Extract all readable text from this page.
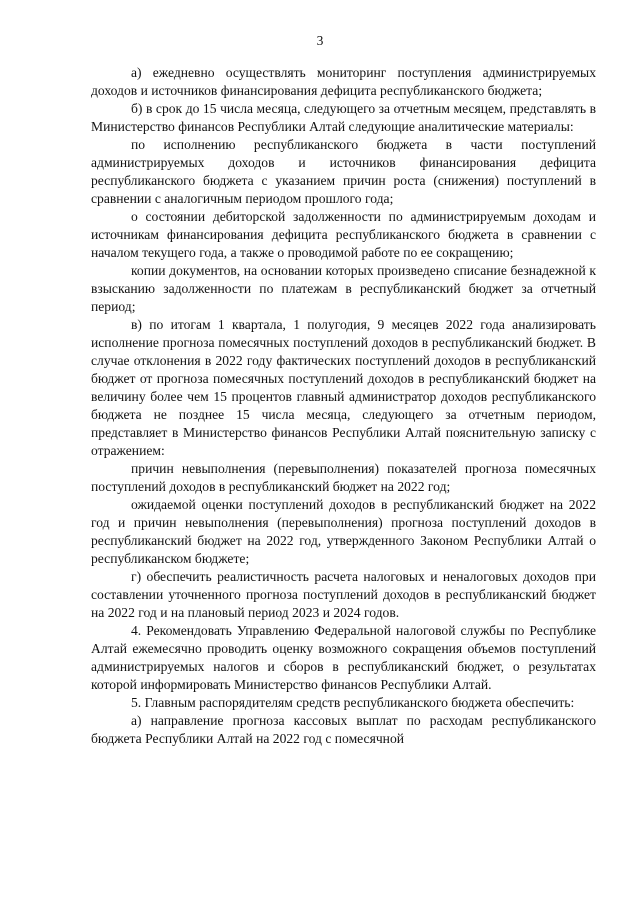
3

а) ежедневно осуществлять мониторинг поступления администрируемых доходов и источников финансирования дефицита республиканского бюджета;

б) в срок до 15 числа месяца, следующего за отчетным месяцем, представлять в Министерство финансов Республики Алтай следующие аналитические материалы:

по исполнению республиканского бюджета в части поступлений администрируемых доходов и источников финансирования дефицита республиканского бюджета с указанием причин роста (снижения) поступлений в сравнении с аналогичным периодом прошлого года;

о состоянии дебиторской задолженности по администрируемым доходам и источникам финансирования дефицита республиканского бюджета в сравнении с началом текущего года, а также о проводимой работе по ее сокращению;

копии документов, на основании которых произведено списание безнадежной к взысканию задолженности по платежам в республиканский бюджет за отчетный период;

в) по итогам 1 квартала, 1 полугодия, 9 месяцев 2022 года анализировать исполнение прогноза помесячных поступлений доходов в республиканский бюджет. В случае отклонения в 2022 году фактических поступлений доходов в республиканский бюджет от прогноза помесячных поступлений доходов в республиканский бюджет на величину более чем 15 процентов главный администратор доходов республиканского бюджета не позднее 15 числа месяца, следующего за отчетным периодом, представляет в Министерство финансов Республики Алтай пояснительную записку с отражением:

причин невыполнения (перевыполнения) показателей прогноза помесячных поступлений доходов в республиканский бюджет на 2022 год;

ожидаемой оценки поступлений доходов в республиканский бюджет на 2022 год и причин невыполнения (перевыполнения) прогноза поступлений доходов в республиканский бюджет на 2022 год, утвержденного Законом Республики Алтай о республиканском бюджете;

г) обеспечить реалистичность расчета налоговых и неналоговых доходов при составлении уточненного прогноза поступлений доходов в республиканский бюджет на 2022 год и на плановый период 2023 и 2024 годов.

4. Рекомендовать Управлению Федеральной налоговой службы по Республике Алтай ежемесячно проводить оценку возможного сокращения объемов поступлений администрируемых налогов и сборов в республиканский бюджет, о результатах которой информировать Министерство финансов Республики Алтай.

5. Главным распорядителям средств республиканского бюджета обеспечить:

а) направление прогноза кассовых выплат по расходам республиканского бюджета Республики Алтай на 2022 год с помесячной
